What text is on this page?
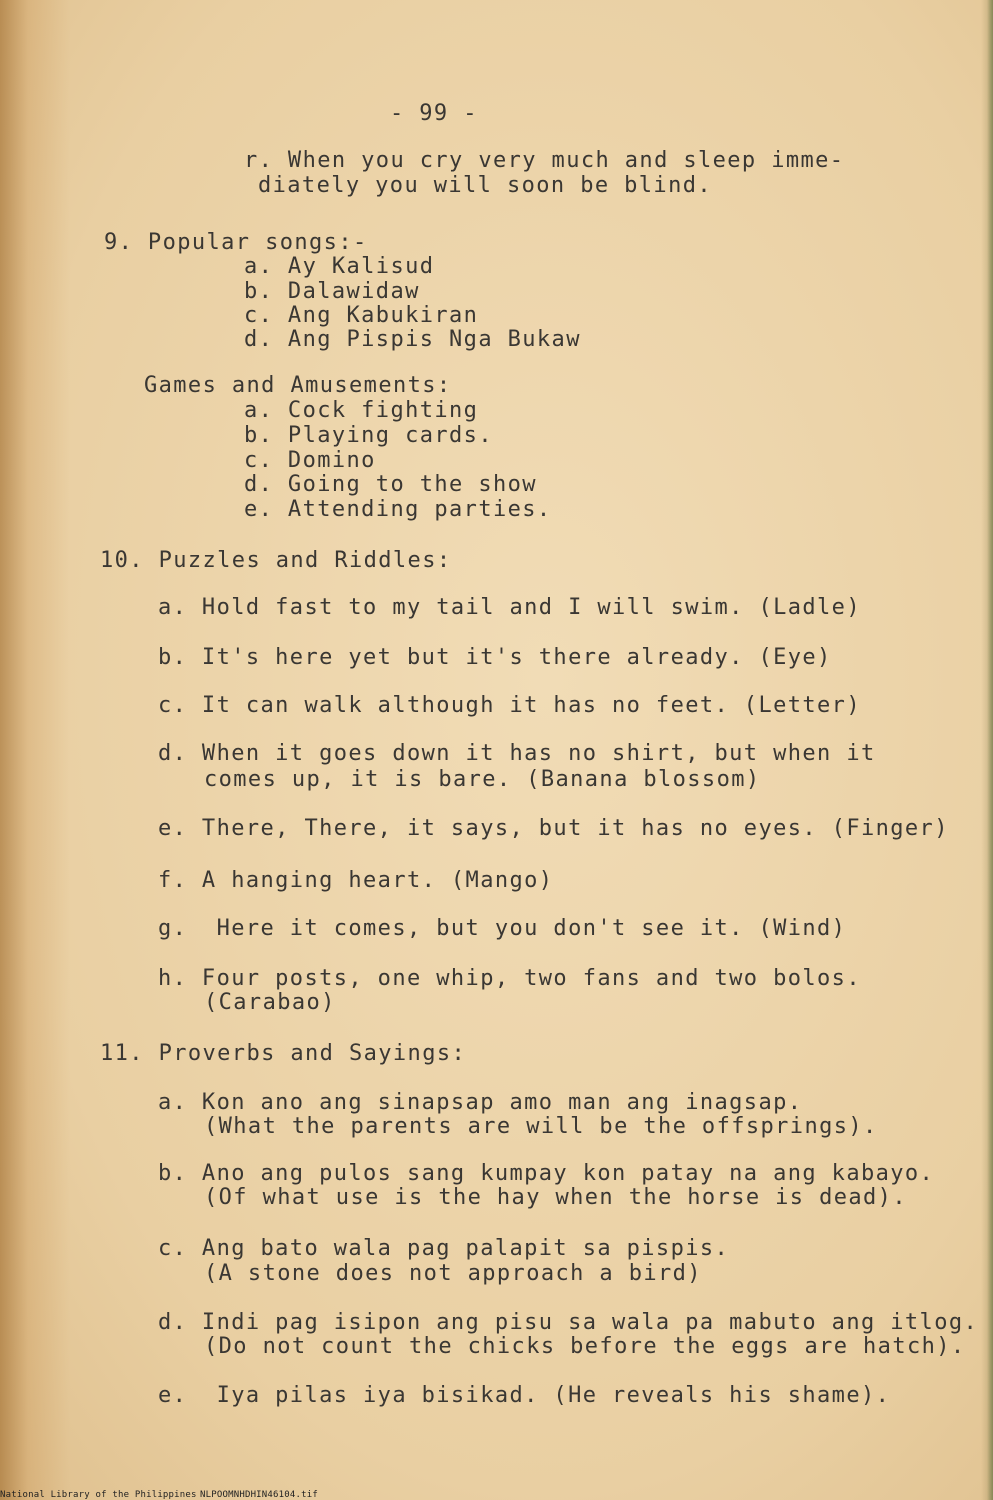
- 99 -
r. When you cry very much and sleep imme-
diately you will soon be blind.
9. Popular songs:-
a. Ay Kalisud
b. Dalawidaw
c. Ang Kabukiran
d. Ang Pispis Nga Bukaw
Games and Amusements:
a. Cock fighting
b. Playing cards.
c. Domino
d. Going to the show
e. Attending parties.
10. Puzzles and Riddles:
a. Hold fast to my tail and I will swim. (Ladle)
b. It's here yet but it's there already. (Eye)
c. It can walk although it has no feet. (Letter)
d. When it goes down it has no shirt, but when it
comes up, it is bare. (Banana blossom)
e. There, There, it says, but it has no eyes. (Finger)
f. A hanging heart. (Mango)
g.  Here it comes, but you don't see it. (Wind)
h. Four posts, one whip, two fans and two bolos.
(Carabao)
11. Proverbs and Sayings:
a. Kon ano ang sinapsap amo man ang inagsap.
(What the parents are will be the offsprings).
b. Ano ang pulos sang kumpay kon patay na ang kabayo.
(Of what use is the hay when the horse is dead).
c. Ang bato wala pag palapit sa pispis.
(A stone does not approach a bird)
d. Indi pag isipon ang pisu sa wala pa mabuto ang itlog.
(Do not count the chicks before the eggs are hatch).
e.  Iya pilas iya bisikad. (He reveals his shame).
National Library of the Philippines NLPOOMNHDHIN46104.tif
